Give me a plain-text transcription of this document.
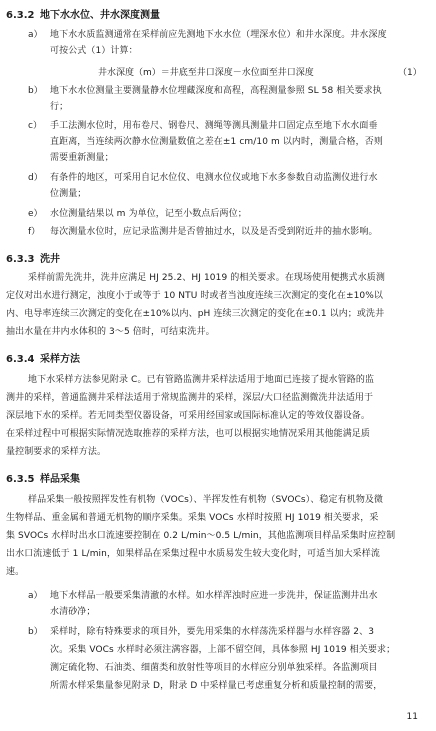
6.3.2 地下水水位、井水深度测量
a） 地下水水质监测通常在采样前应先测地下水水位（埋深水位）和井水深度。井水深度
可按公式（1）计算：
井水深度（m）＝井底至井口深度－水位面至井口深度	（1）
b） 地下水水位测量主要测量静水位埋藏深度和高程，高程测量参照 SL 58 相关要求执
行；
c） 手工法测水位时，用布卷尺、钢卷尺、测绳等测具测量井口固定点至地下水水面垂
直距离，当连续两次静水位测量数值之差在±1 cm/10 m 以内时，测量合格，否则
需要重新测量；
d） 有条件的地区，可采用自记水位仪、电测水位仪或地下水多参数自动监测仪进行水
位测量；
e） 水位测量结果以 m 为单位，记至小数点后两位；
f） 每次测量水位时，应记录监测井是否曾抽过水，以及是否受到附近井的抽水影响。
6.3.3 洗井
采样前需先洗井，洗井应满足 HJ 25.2、HJ 1019 的相关要求。在现场使用便携式水质测
定仪对出水进行测定，浊度小于或等于 10 NTU 时或者当浊度连续三次测定的变化在±10%以
内、电导率连续三次测定的变化在±10%以内、pH 连续三次测定的变化在±0.1 以内；或洗井
抽出水量在井内水体积的 3～5 倍时，可结束洗井。
6.3.4 采样方法
地下水采样方法参见附录 C。已有管路监测井采样法适用于地面已连接了提水管路的监
测井的采样，普通监测井采样法适用于常规监测井的采样，深层/大口径监测微洗井法适用于
深层地下水的采样。若无同类型仪器设备，可采用经国家或国际标准认定的等效仪器设备。
在采样过程中可根据实际情况选取推荐的采样方法，也可以根据实地情况采用其他能满足质
量控制要求的采样方法。
6.3.5 样品采集
样品采集一般按照挥发性有机物（VOCs）、半挥发性有机物（SVOCs）、稳定有机物及微
生物样品、重金属和普通无机物的顺序采集。采集 VOCs 水样时按照 HJ 1019 相关要求，采
集 SVOCs 水样时出水口流速要控制在 0.2 L/min～0.5 L/min，其他监测项目样品采集时应控制
出水口流速低于 1 L/min，如果样品在采集过程中水质易发生较大变化时，可适当加大采样流
速。
a） 地下水样品一般要采集清澈的水样。如水样浑浊时应进一步洗井，保证监测井出水
水清砂净；
b） 采样时，除有特殊要求的项目外，要先用采集的水样荡洗采样器与水样容器 2、3
次。采集 VOCs 水样时必须注满容器，上部不留空间，具体参照 HJ 1019 相关要求；
测定硫化物、石油类、细菌类和放射性等项目的水样应分别单独采样。各监测项目
所需水样采集量参见附录 D，附录 D 中采样量已考虑重复分析和质量控制的需要，
11
